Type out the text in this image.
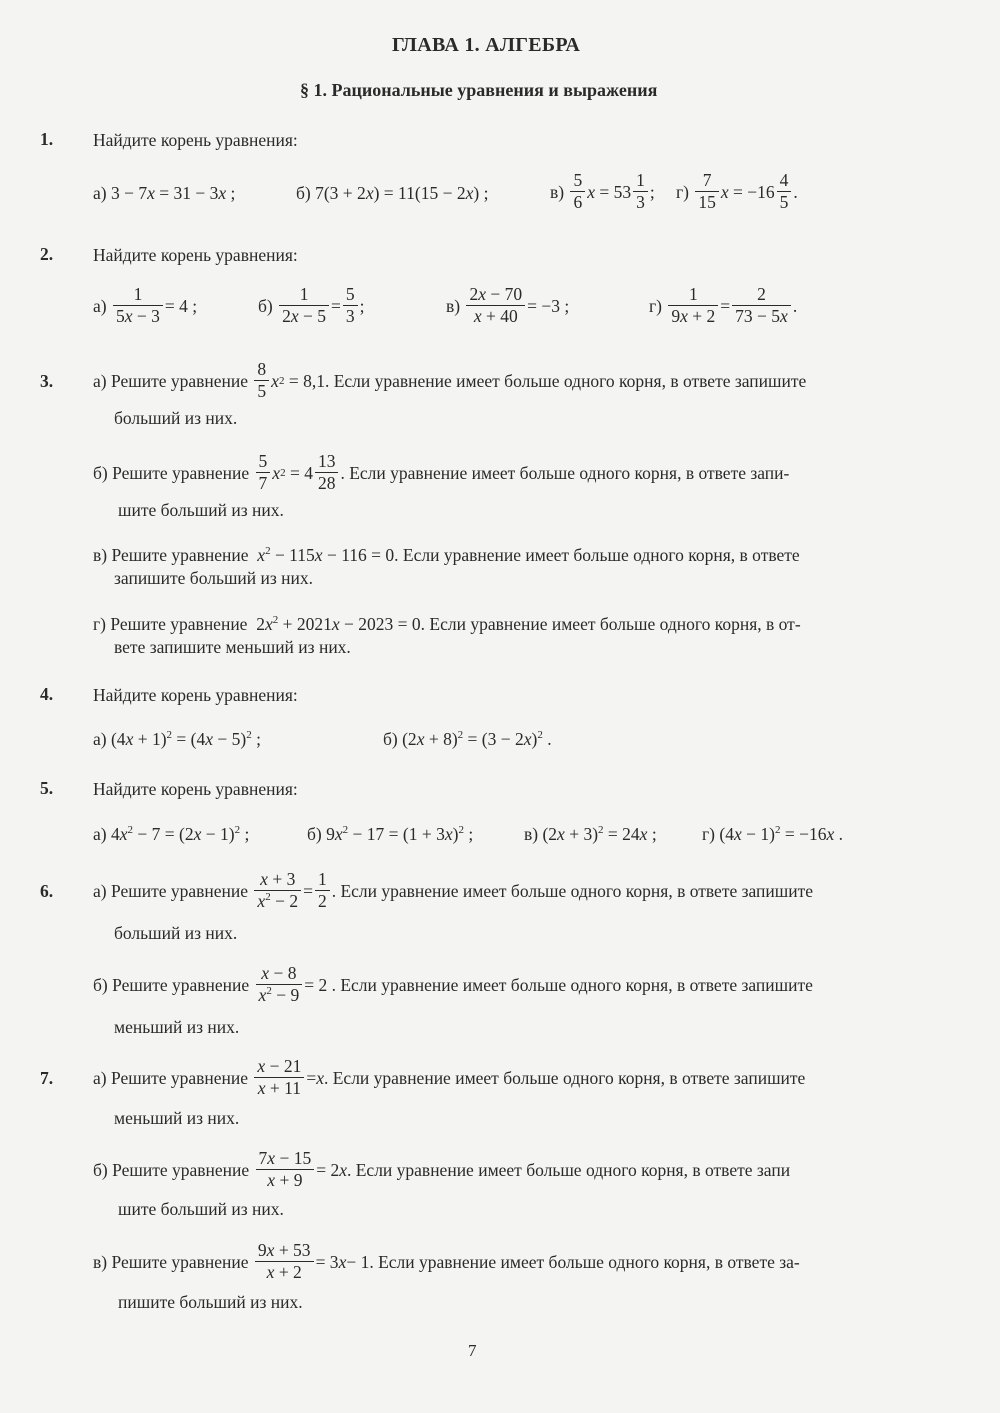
ГЛАВА 1. АЛГЕБРА
§ 1. Рациональные уравнения и выражения
1. Найдите корень уравнения:
а) 3 − 7x = 31 − 3x ;	б) 7(3 + 2x) = 11(15 − 2x) ;	$в) \frac{5}{6}$ $x = 53 \frac{1}{3}$ ; $г) \frac{7}{15}$ $x = -16 \frac{4}{5}$ .
2. Найдите корень уравнения:
$а) \frac{1}{5x - 3} = 4$ ;	$б) \frac{1}{2x - 5} = \frac{5}{3}$ ;	$в) \frac{2x - 70}{x + 40} = -3$ ;	$г) \frac{1}{9x + 2} = \frac{2}{73 - 5x}$ .
3. а)
Решите уравнение
$\frac{8}{5}$ x 2 = 8,1 . Если уравнение имеет больше одного корня, в ответе запишите
больший из них.
б)
Решите уравнение
$\frac{5}{7}$ x $2 = 4 \frac{13}{28}$ . Если уравнение имеет больше одного корня, в ответе запи-
шите больший из них.
в) Решите уравнение $x^2 - 115x - 116 = 0$. Если уравнение имеет больше одного корня, в ответе
запишите больший из них.
г) Решите уравнение  $2x^2 + 2021x - 2023 = 0$. Если уравнение имеет больше одного корня, в от-
вете запишите меньший из них.
4. Найдите корень уравнения:
а) $(4x + 1)^2 = (4x - 5)^2$ ;	б) $(2x + 8)^2 = (3 - 2x)^2$ .
5. Найдите корень уравнения:
а) $4x^2 - 7 = (2x - 1)^2$ ;	б) $9x^2 - 17 = (1 + 3x)^2$ ;	в) $(2x + 3)^2 = 24x$ ;	г) $(4x - 1)^2 = -16x$ .
6. а)
Решите уравнение
$\frac{x + 3}{x^2 - 2} = \frac{1}{2}$ . Если уравнение имеет больше одного корня, в ответе запишите
больший из них.
б)
Решите уравнение
$\frac{x - 8}{x^2 - 9} = 2$ . Если уравнение имеет больше одного корня, в ответе запишите
меньший из них.
7. а)
Решите уравнение
$\frac{x - 21}{x + 11} = x$ . Если уравнение имеет больше одного корня, в ответе запишите
меньший из них.
б)
Решите уравнение
$\frac{7x - 15}{x + 9} = 2$ x . Если уравнение имеет больше одного корня, в ответе запи
шите больший из них.
в)
Решите уравнение
$\frac{9x + 53}{x + 2} = 3$ x − 1 . Если уравнение имеет больше одного корня, в ответе за-
пишите больший из них.
7
